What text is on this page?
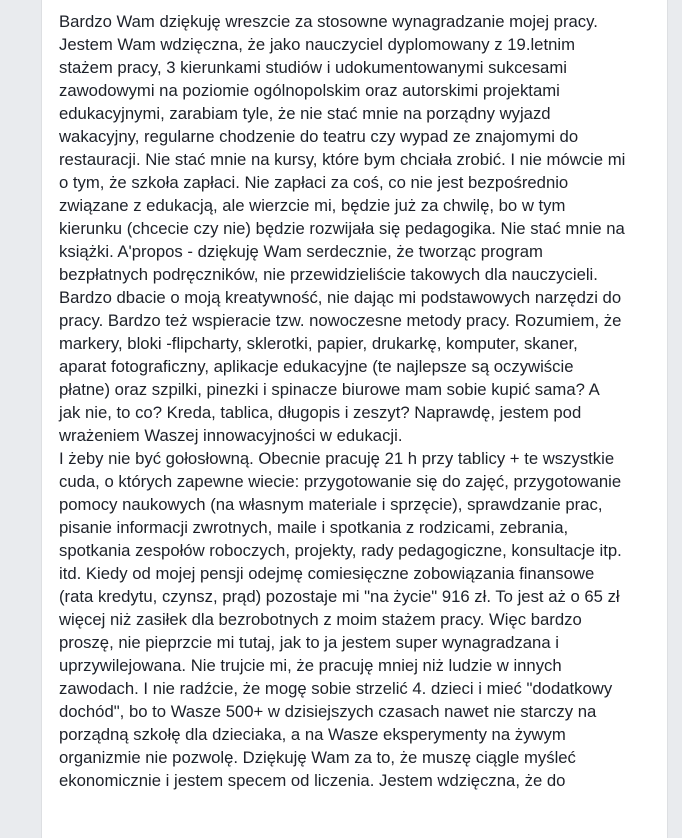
Bardzo Wam dziękuję wreszcie za stosowne wynagradzanie mojej pracy.
Jestem Wam wdzięczna, że jako nauczyciel dyplomowany z 19.letnim
stażem pracy, 3 kierunkami studiów i udokumentowanymi sukcesami
zawodowymi na poziomie ogólnopolskim oraz autorskimi projektami
edukacyjnymi, zarabiam tyle, że nie stać mnie na porządny wyjazd
wakacyjny, regularne chodzenie do teatru czy wypad ze znajomymi do
restauracji. Nie stać mnie na kursy, które bym chciała zrobić. I nie mówcie mi
o tym, że szkoła zapłaci. Nie zapłaci za coś, co nie jest bezpośrednio
związane z edukacją, ale wierzcie mi, będzie już za chwilę, bo w tym
kierunku (chcecie czy nie) będzie rozwijała się pedagogika. Nie stać mnie na
książki. A'propos - dziękuję Wam serdecznie, że tworząc program
bezpłatnych podręczników, nie przewidzieliście takowych dla nauczycieli.
Bardzo dbacie o moją kreatywność, nie dając mi podstawowych narzędzi do
pracy. Bardzo też wspieracie tzw. nowoczesne metody pracy. Rozumiem, że
markery, bloki -flipcharty, sklerotki, papier, drukarkę, komputer, skaner,
aparat fotograficzny, aplikacje edukacyjne (te najlepsze są oczywiście
płatne) oraz szpilki, pinezki i spinacze biurowe mam sobie kupić sama? A
jak nie, to co? Kreda, tablica, długopis i zeszyt? Naprawdę, jestem pod
wrażeniem Waszej innowacyjności w edukacji.
I żeby nie być gołosłowną. Obecnie pracuję 21 h przy tablicy + te wszystkie
cuda, o których zapewne wiecie: przygotowanie się do zajęć, przygotowanie
pomocy naukowych (na własnym materiale i sprzęcie), sprawdzanie prac,
pisanie informacji zwrotnych, maile i spotkania z rodzicami, zebrania,
spotkania zespołów roboczych, projekty, rady pedagogiczne, konsultacje itp.
itd. Kiedy od mojej pensji odejmę comiesięczne zobowiązania finansowe
(rata kredytu, czynsz, prąd) pozostaje mi "na życie" 916 zł. To jest aż o 65 zł
więcej niż zasiłek dla bezrobotnych z moim stażem pracy. Więc bardzo
proszę, nie pieprzcie mi tutaj, jak to ja jestem super wynagradzana i
uprzywilejowana. Nie trujcie mi, że pracuję mniej niż ludzie w innych
zawodach. I nie radźcie, że mogę sobie strzelić 4. dzieci i mieć "dodatkowy
dochód", bo to Wasze 500+ w dzisiejszych czasach nawet nie starczy na
porządną szkołę dla dzieciaka, a na Wasze eksperymenty na żywym
organizmie nie pozwolę. Dziękuję Wam za to, że muszę ciągle myśleć
ekonomicznie i jestem specem od liczenia. Jestem wdzięczna, że do
